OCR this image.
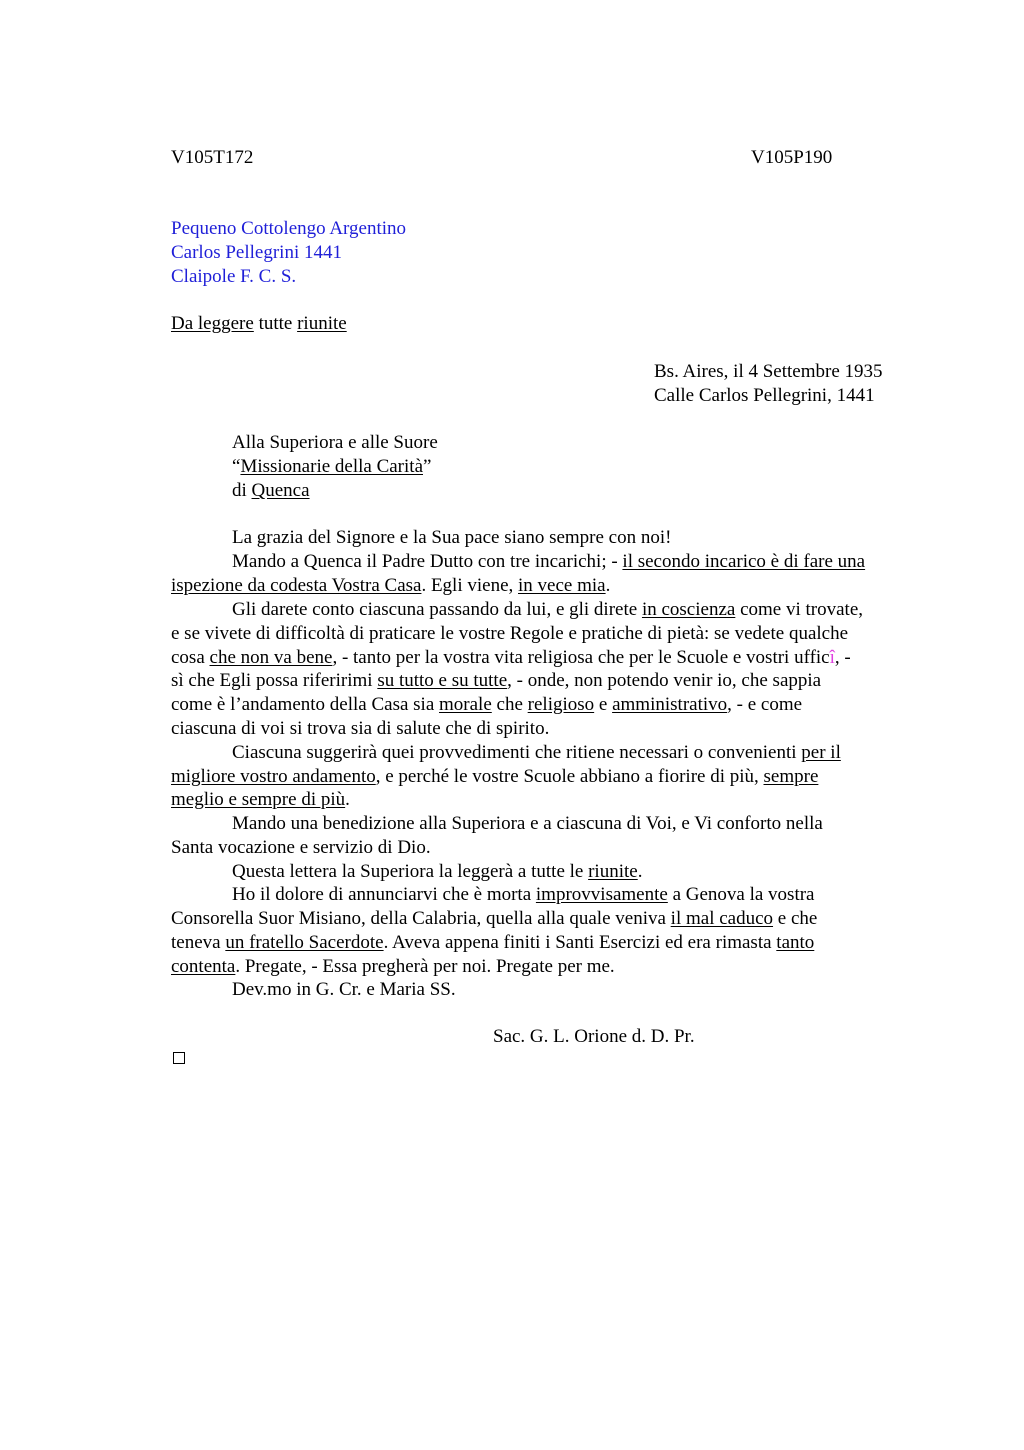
V105T172	V105P190
Pequeno Cottolengo Argentino
Carlos Pellegrini 1441
Claipole F. C. S.
Da leggere tutte riunite
Bs. Aires, il 4 Settembre 1935
Calle Carlos Pellegrini, 1441
Alla Superiora e alle Suore
“Missionarie della Carità”
di Quenca
La grazia del Signore e la Sua pace siano sempre con noi!
Mando a Quenca il Padre Dutto con tre incarichi; - il secondo incarico è di fare una
ispezione da codesta Vostra Casa. Egli viene, in vece mia.
Gli darete conto ciascuna passando da lui, e gli direte in coscienza come vi trovate,
e se vivete di difficoltà di praticare le vostre Regole e pratiche di pietà: se vedete qualche
cosa che non va bene, - tanto per la vostra vita religiosa che per le Scuole e vostri ufficî, -
sì che Egli possa riferirimi su tutto e su tutte, - onde, non potendo venir io, che sappia
come è l’andamento della Casa sia morale che religioso e amministrativo, - e come
ciascuna di voi si trova sia di salute che di spirito.
Ciascuna suggerirà quei provvedimenti che ritiene necessari o convenienti per il
migliore vostro andamento, e perché le vostre Scuole abbiano a fiorire di più, sempre
meglio e sempre di più.
Mando una benedizione alla Superiora e a ciascuna di Voi, e Vi conforto nella
Santa vocazione e servizio di Dio.
Questa lettera la Superiora la leggerà a tutte le riunite.
Ho il dolore di annunciarvi che è morta improvvisamente a Genova la vostra
Consorella Suor Misiano, della Calabria, quella alla quale veniva il mal caduco e che
teneva un fratello Sacerdote. Aveva appena finiti i Santi Esercizi ed era rimasta tanto
contenta. Pregate, - Essa pregherà per noi. Pregate per me.
Dev.mo in G. Cr. e Maria SS.
Sac. G. L. Orione d. D. Pr.
